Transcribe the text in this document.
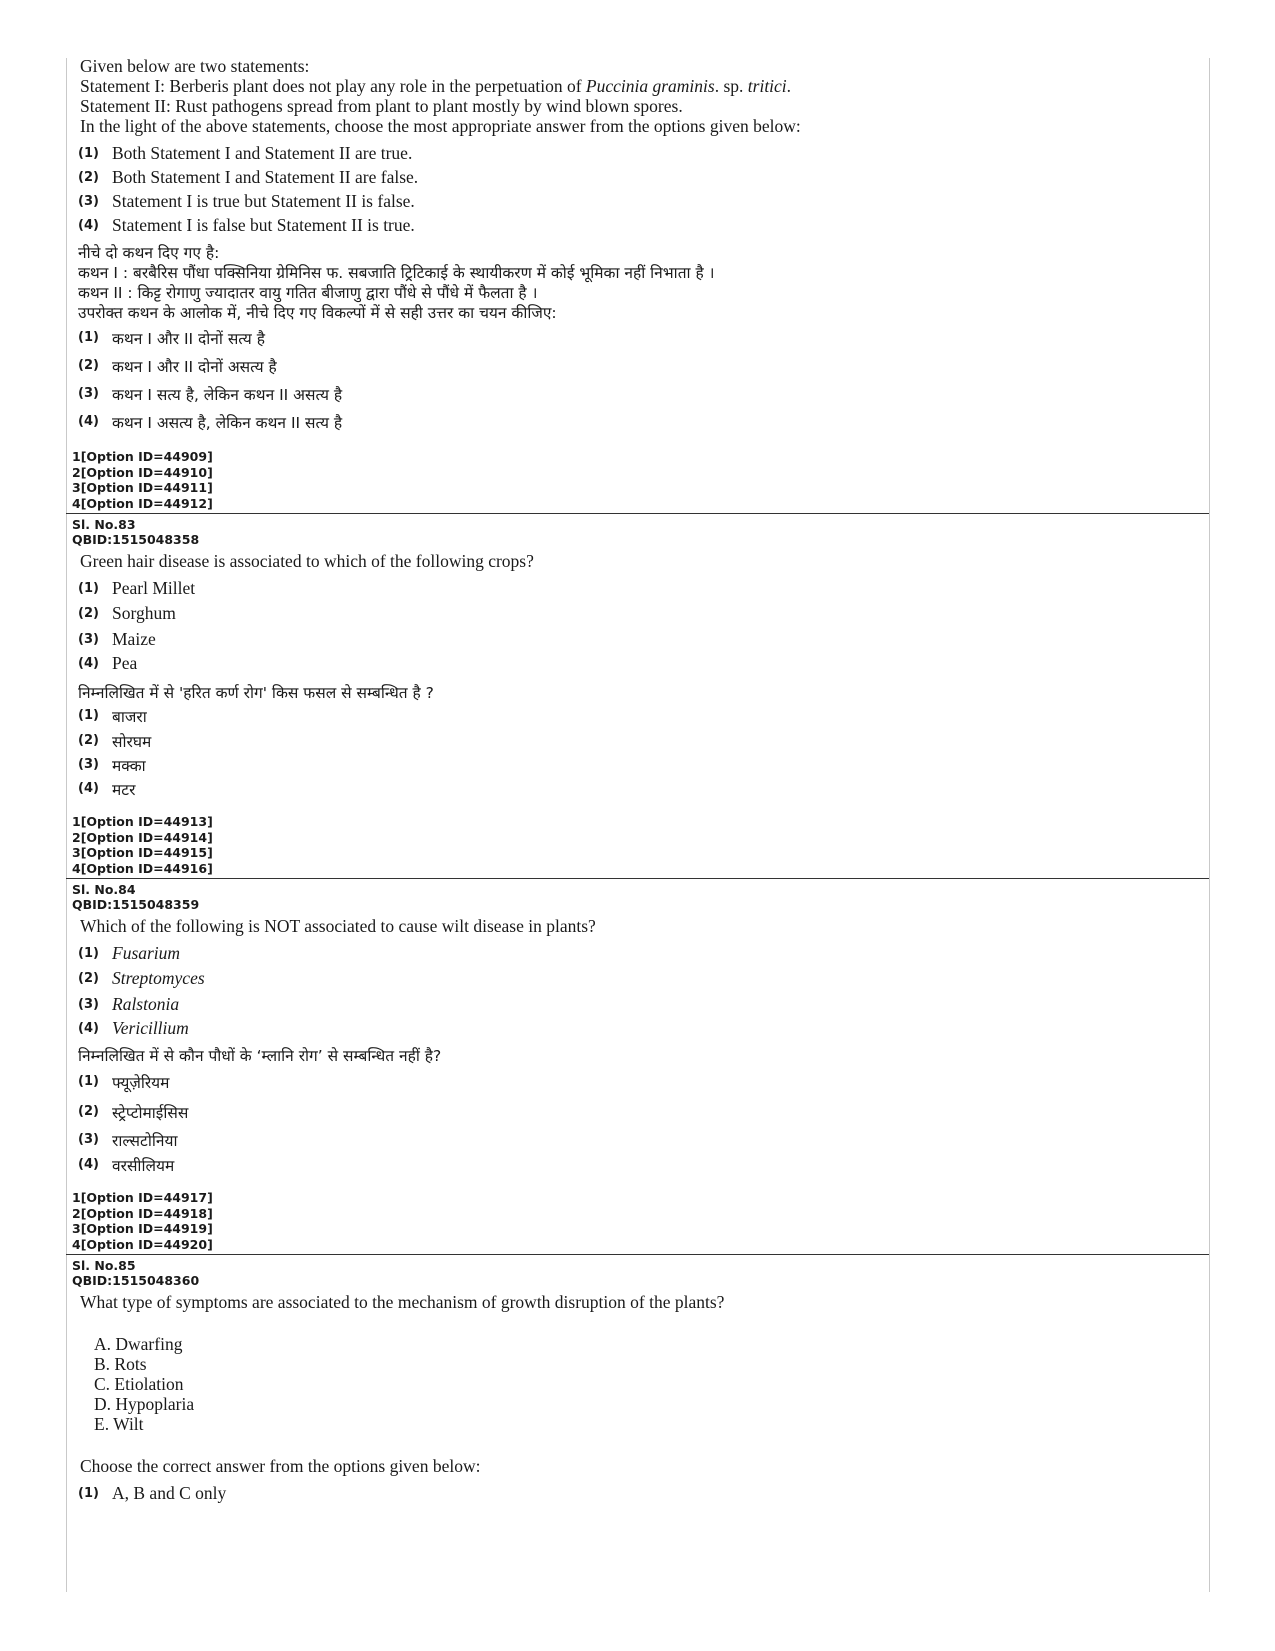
Given below are two statements:
Statement I: Berberis plant does not play any role in the perpetuation of Puccinia graminis. sp. tritici.
Statement II: Rust pathogens spread from plant to plant mostly by wind blown spores.
In the light of the above statements, choose the most appropriate answer from the options given below:
(1) Both Statement I and Statement II are true.
(2) Both Statement I and Statement II are false.
(3) Statement I is true but Statement II is false.
(4) Statement I is false but Statement II is true.
नीचे दो कथन दिए गए है:
कथन I : बरबैरिस पौंधा पक्सिनिया ग्रेमिनिस फ. सबजाति ट्रिटिकाई के स्थायीकरण में कोई भूमिका नहीं निभाता है ।
कथन II : किट्ट रोगाणु ज्यादातर वायु गतित बीजाणु द्वारा पौंधे से पौंधे में फैलता है ।
उपरोक्त कथन के आलोक में, नीचे दिए गए विकल्पों में से सही उत्तर का चयन कीजिए:
(1) कथन I और II दोनों सत्य है
(2) कथन I और II दोनों असत्य है
(3) कथन I सत्य है, लेकिन कथन II असत्य है
(4) कथन I असत्य है, लेकिन कथन II सत्य है
1[Option ID=44909]
2[Option ID=44910]
3[Option ID=44911]
4[Option ID=44912]
Sl. No.83
QBID:1515048358
Green hair disease is associated to which of the following crops?
(1) Pearl Millet
(2) Sorghum
(3) Maize
(4) Pea
निम्नलिखित में से 'हरित कर्ण रोग' किस फसल से सम्बन्धित है ?
(1) बाजरा
(2) सोरघम
(3) मक्का
(4) मटर
1[Option ID=44913]
2[Option ID=44914]
3[Option ID=44915]
4[Option ID=44916]
Sl. No.84
QBID:1515048359
Which of the following is NOT associated to cause wilt disease in plants?
(1) Fusarium
(2) Streptomyces
(3) Ralstonia
(4) Vericillium
निम्नलिखित में से कौन पौधों के ‘म्लानि रोग’ से सम्बन्धित नहीं है?
(1) फ्यूज़ेरियम
(2) स्ट्रेप्टोमाईसिस
(3) राल्सटोनिया
(4) वरसीलियम
1[Option ID=44917]
2[Option ID=44918]
3[Option ID=44919]
4[Option ID=44920]
Sl. No.85
QBID:1515048360
What type of symptoms are associated to the mechanism of growth disruption of the plants?
A. Dwarfing
B. Rots
C. Etiolation
D. Hypoplaria
E. Wilt
Choose the correct answer from the options given below:
(1) A, B and C only
